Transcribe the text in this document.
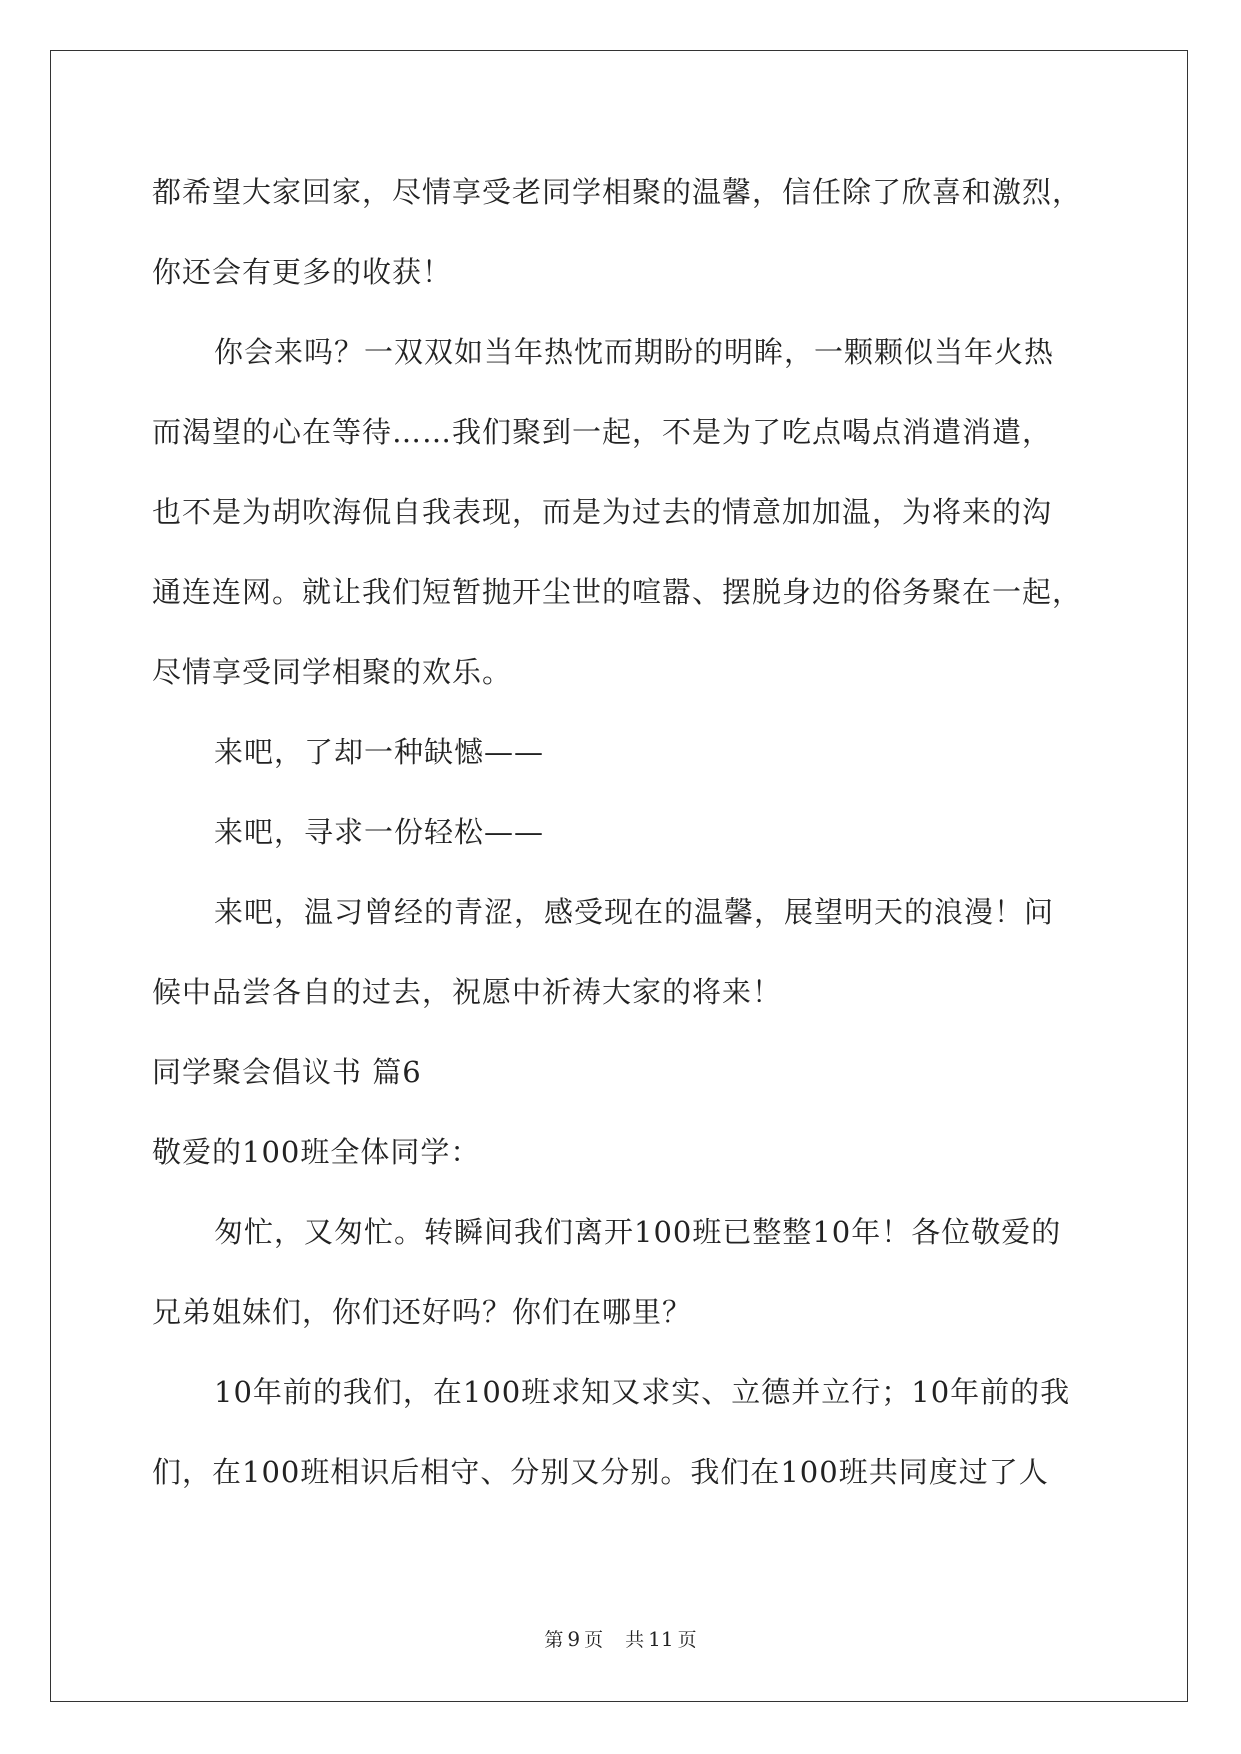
都希望大家回家，尽情享受老同学相聚的温馨，信任除了欣喜和激烈，
你还会有更多的收获！
你会来吗？一双双如当年热忱而期盼的明眸，一颗颗似当年火热
而渴望的心在等待……我们聚到一起，不是为了吃点喝点消遣消遣，
也不是为胡吹海侃自我表现，而是为过去的情意加加温，为将来的沟
通连连网。就让我们短暂抛开尘世的喧嚣、摆脱身边的俗务聚在一起，
尽情享受同学相聚的欢乐。
来吧，了却一种缺憾——
来吧，寻求一份轻松——
来吧，温习曾经的青涩，感受现在的温馨，展望明天的浪漫！问
候中品尝各自的过去，祝愿中祈祷大家的将来！
同学聚会倡议书 篇6
敬爱的100班全体同学：
匆忙，又匆忙。转瞬间我们离开100班已整整10年！各位敬爱的
兄弟姐妹们，你们还好吗？你们在哪里？
10年前的我们，在100班求知又求实、立德并立行；10年前的我
们，在100班相识后相守、分别又分别。我们在100班共同度过了人
第 9 页 共 11 页
